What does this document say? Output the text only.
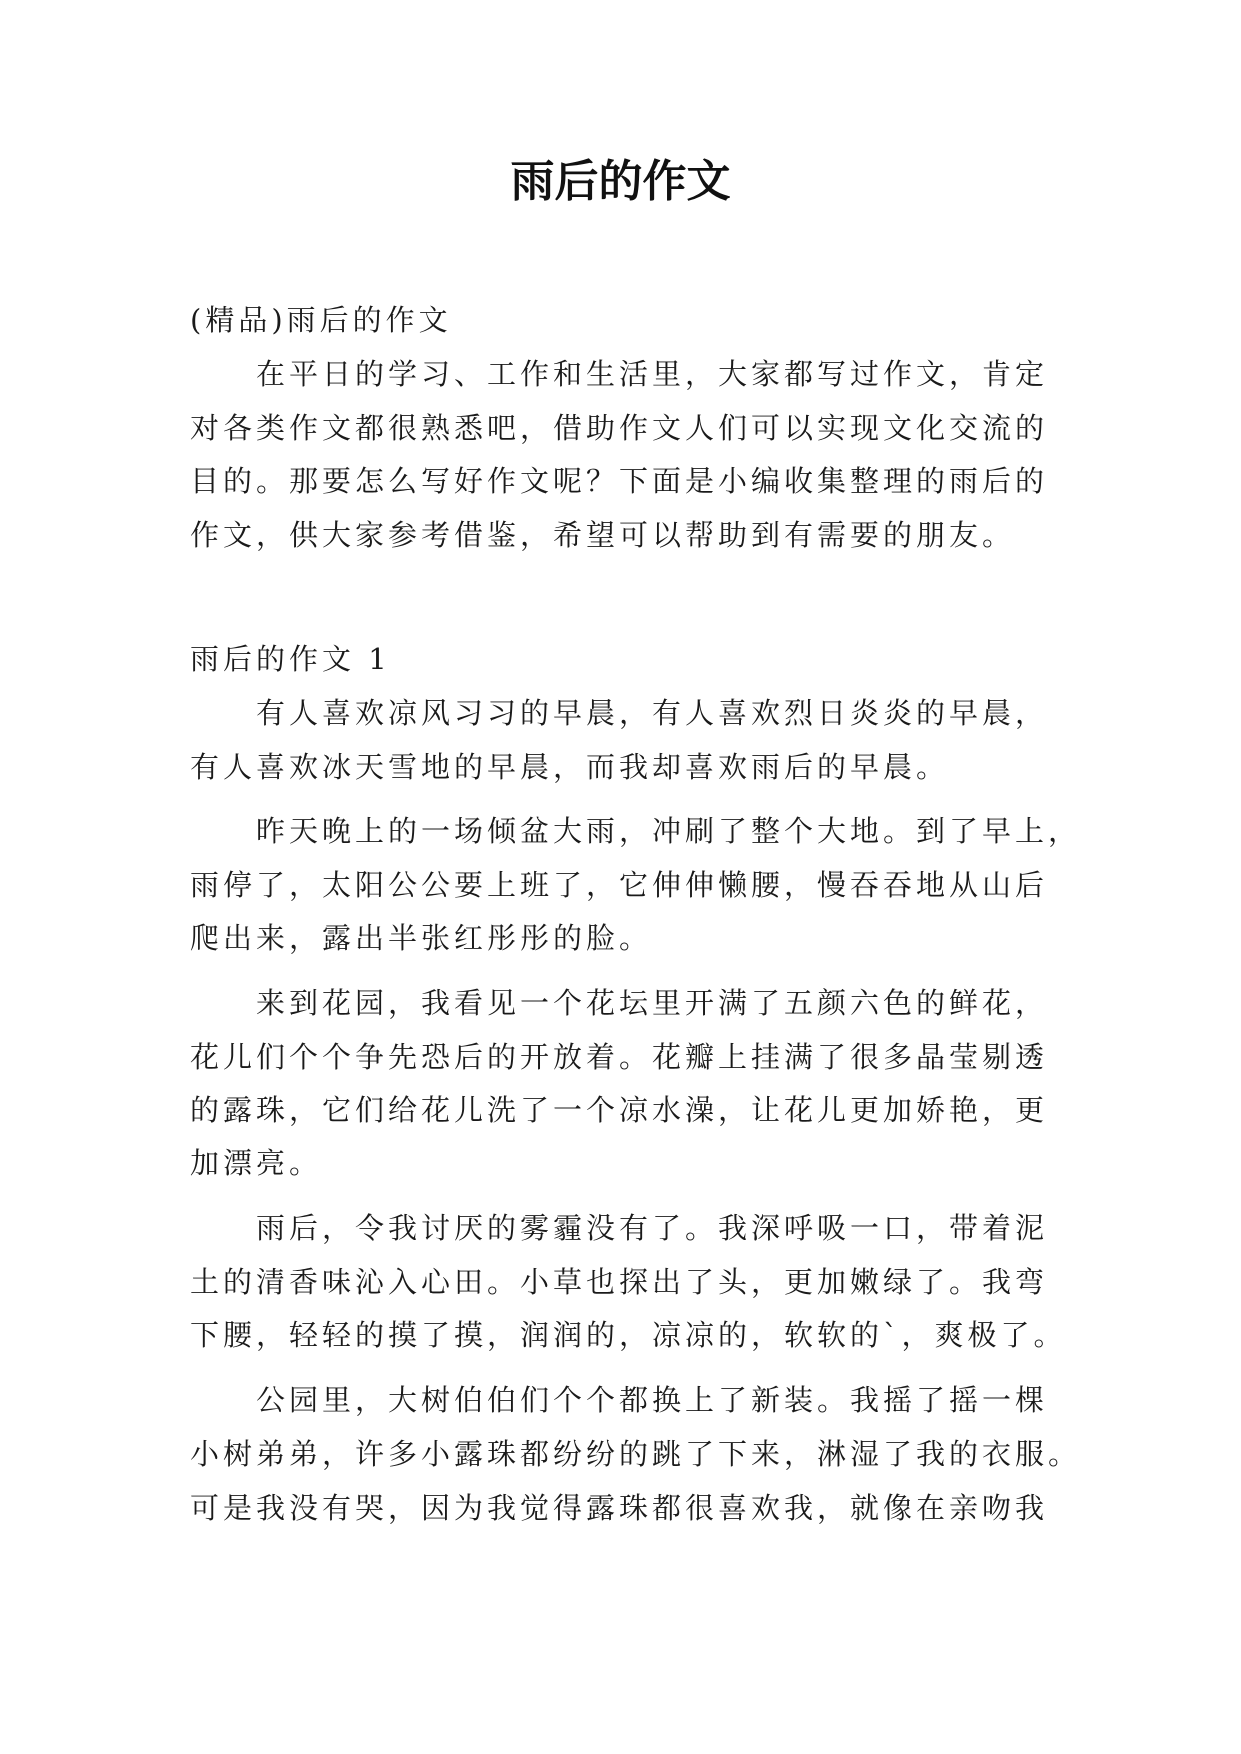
雨后的作文
(精品)雨后的作文
在平日的学习、工作和生活里，大家都写过作文，肯定
对各类作文都很熟悉吧，借助作文人们可以实现文化交流的
目的。那要怎么写好作文呢？下面是小编收集整理的雨后的
作文，供大家参考借鉴，希望可以帮助到有需要的朋友。
雨后的作文 1
有人喜欢凉风习习的早晨，有人喜欢烈日炎炎的早晨，
有人喜欢冰天雪地的早晨，而我却喜欢雨后的早晨。
昨天晚上的一场倾盆大雨，冲刷了整个大地。到了早上，
雨停了，太阳公公要上班了，它伸伸懒腰，慢吞吞地从山后
爬出来，露出半张红彤彤的脸。
来到花园，我看见一个花坛里开满了五颜六色的鲜花，
花儿们个个争先恐后的开放着。花瓣上挂满了很多晶莹剔透
的露珠，它们给花儿洗了一个凉水澡，让花儿更加娇艳，更
加漂亮。
雨后，令我讨厌的雾霾没有了。我深呼吸一口，带着泥
土的清香味沁入心田。小草也探出了头，更加嫩绿了。我弯
下腰，轻轻的摸了摸，润润的，凉凉的，软软的`，爽极了。
公园里，大树伯伯们个个都换上了新装。我摇了摇一棵
小树弟弟，许多小露珠都纷纷的跳了下来，淋湿了我的衣服。
可是我没有哭，因为我觉得露珠都很喜欢我，就像在亲吻我
